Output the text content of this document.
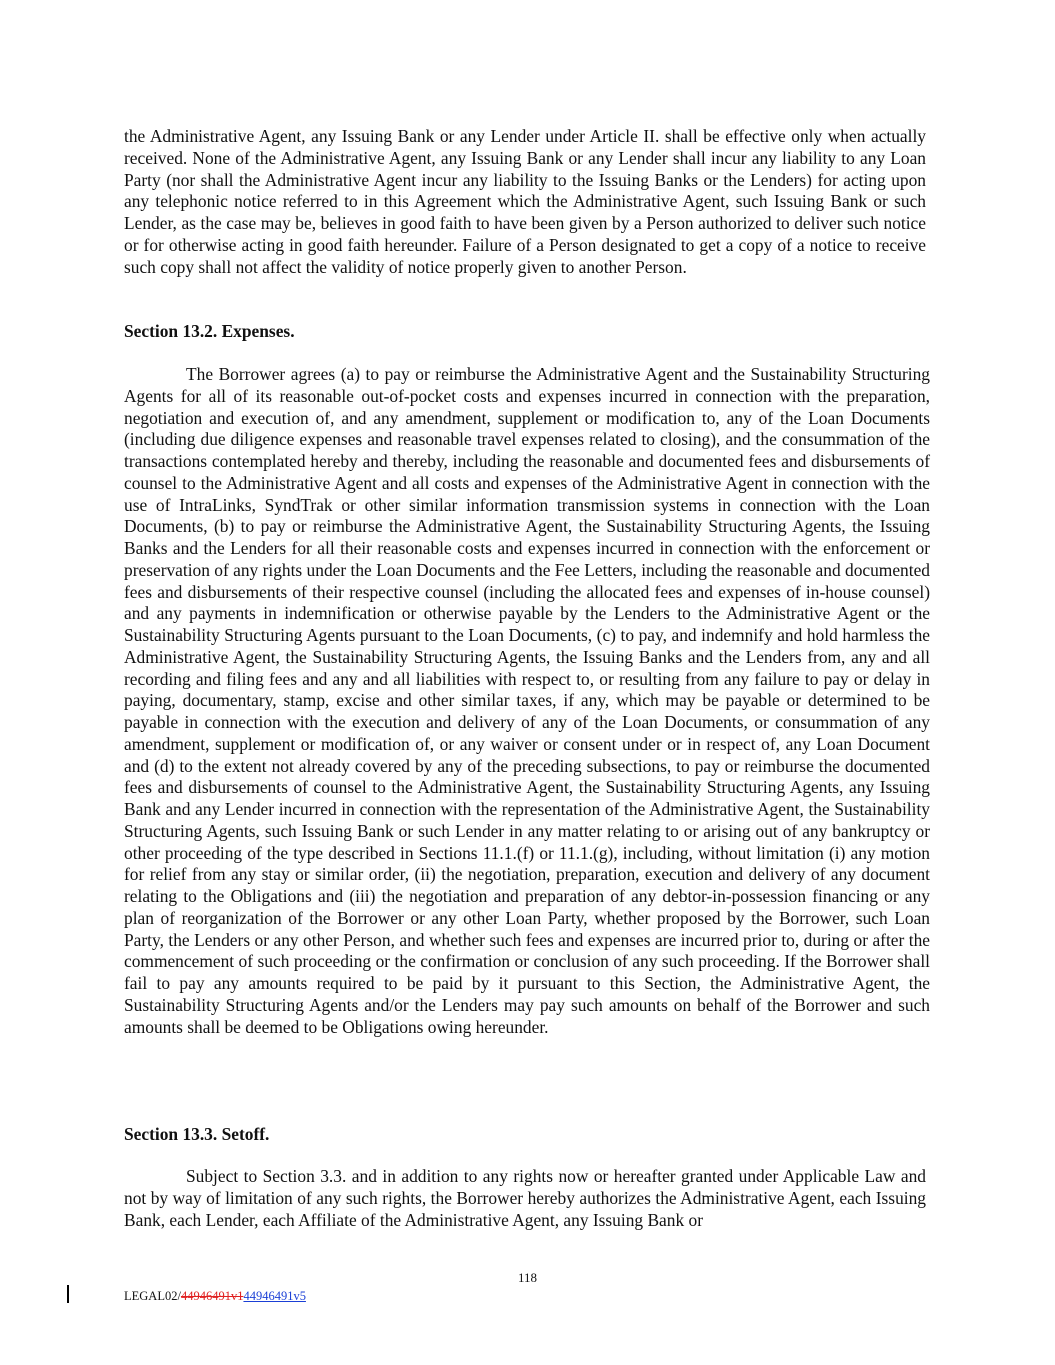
the Administrative Agent, any Issuing Bank or any Lender under Article II. shall be effective only when actually received. None of the Administrative Agent, any Issuing Bank or any Lender shall incur any liability to any Loan Party (nor shall the Administrative Agent incur any liability to the Issuing Banks or the Lenders) for acting upon any telephonic notice referred to in this Agreement which the Administrative Agent, such Issuing Bank or such Lender, as the case may be, believes in good faith to have been given by a Person authorized to deliver such notice or for otherwise acting in good faith hereunder. Failure of a Person designated to get a copy of a notice to receive such copy shall not affect the validity of notice properly given to another Person.

Section 13.2. Expenses.

The Borrower agrees (a) to pay or reimburse the Administrative Agent and the Sustainability Structuring Agents for all of its reasonable out-of-pocket costs and expenses incurred in connection with the preparation, negotiation and execution of, and any amendment, supplement or modification to, any of the Loan Documents (including due diligence expenses and reasonable travel expenses related to closing), and the consummation of the transactions contemplated hereby and thereby, including the reasonable and documented fees and disbursements of counsel to the Administrative Agent and all costs and expenses of the Administrative Agent in connection with the use of IntraLinks, SyndTrak or other similar information transmission systems in connection with the Loan Documents, (b) to pay or reimburse the Administrative Agent, the Sustainability Structuring Agents, the Issuing Banks and the Lenders for all their reasonable costs and expenses incurred in connection with the enforcement or preservation of any rights under the Loan Documents and the Fee Letters, including the reasonable and documented fees and disbursements of their respective counsel (including the allocated fees and expenses of in-house counsel) and any payments in indemnification or otherwise payable by the Lenders to the Administrative Agent or the Sustainability Structuring Agents pursuant to the Loan Documents, (c) to pay, and indemnify and hold harmless the Administrative Agent, the Sustainability Structuring Agents, the Issuing Banks and the Lenders from, any and all recording and filing fees and any and all liabilities with respect to, or resulting from any failure to pay or delay in paying, documentary, stamp, excise and other similar taxes, if any, which may be payable or determined to be payable in connection with the execution and delivery of any of the Loan Documents, or consummation of any amendment, supplement or modification of, or any waiver or consent under or in respect of, any Loan Document and (d) to the extent not already covered by any of the preceding subsections, to pay or reimburse the documented fees and disbursements of counsel to the Administrative Agent, the Sustainability Structuring Agents, any Issuing Bank and any Lender incurred in connection with the representation of the Administrative Agent, the Sustainability Structuring Agents, such Issuing Bank or such Lender in any matter relating to or arising out of any bankruptcy or other proceeding of the type described in Sections 11.1.(f) or 11.1.(g), including, without limitation (i) any motion for relief from any stay or similar order, (ii) the negotiation, preparation, execution and delivery of any document relating to the Obligations and (iii) the negotiation and preparation of any debtor-in-possession financing or any plan of reorganization of the Borrower or any other Loan Party, whether proposed by the Borrower, such Loan Party, the Lenders or any other Person, and whether such fees and expenses are incurred prior to, during or after the commencement of such proceeding or the confirmation or conclusion of any such proceeding. If the Borrower shall fail to pay any amounts required to be paid by it pursuant to this Section, the Administrative Agent, the Sustainability Structuring Agents and/or the Lenders may pay such amounts on behalf of the Borrower and such amounts shall be deemed to be Obligations owing hereunder.

Section 13.3. Setoff.

Subject to Section 3.3. and in addition to any rights now or hereafter granted under Applicable Law and not by way of limitation of any such rights, the Borrower hereby authorizes the Administrative Agent, each Issuing Bank, each Lender, each Affiliate of the Administrative Agent, any Issuing Bank or

118
LEGAL02/44946491v144946491v5
